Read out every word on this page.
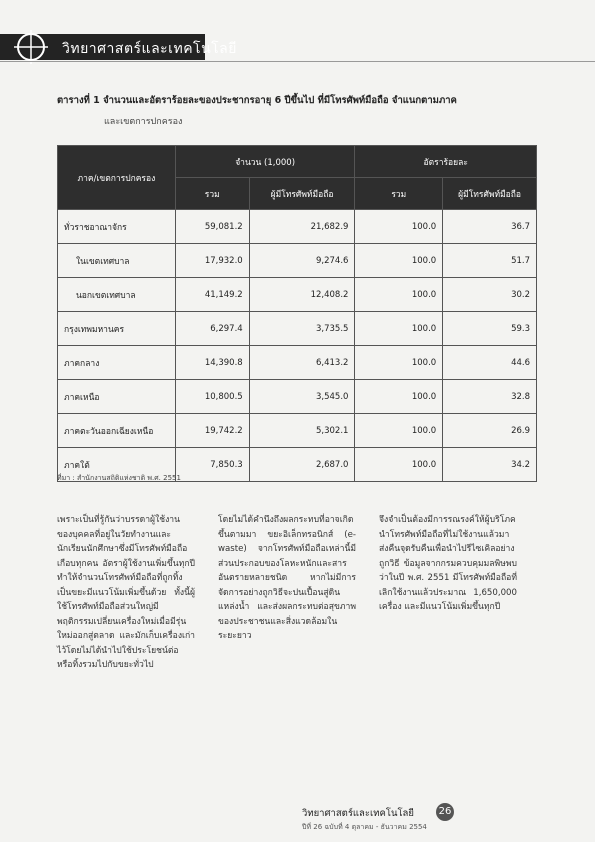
วิทยาศาสตร์และเทคโนโลยี
ตารางที่ 1 จำนวนและอัตราร้อยละของประชากรอายุ 6 ปีขึ้นไป ที่มีโทรศัพท์มือถือ จำแนกตามภาค
และเขตการปกครอง
ภาค/เขตการปกครอง	จำนวน (1,000)		อัตราร้อยละ	
	รวม	ผู้มีโทรศัพท์มือถือ	รวม	ผู้มีโทรศัพท์มือถือ
ทั่วราชอาณาจักร	59,081.2	21,682.9	100.0	36.7
ในเขตเทศบาล	17,932.0	9,274.6	100.0	51.7
นอกเขตเทศบาล	41,149.2	12,408.2	100.0	30.2
กรุงเทพมหานคร	6,297.4	3,735.5	100.0	59.3
ภาคกลาง	14,390.8	6,413.2	100.0	44.6
ภาคเหนือ	10,800.5	3,545.0	100.0	32.8
ภาคตะวันออกเฉียงเหนือ	19,742.2	5,302.1	100.0	26.9
ภาคใต้	7,850.3	2,687.0	100.0	34.2
ที่มา : สำนักงานสถิติแห่งชาติ พ.ศ. 2551

เพราะเป็นที่รู้กันว่าบรรดาผู้ใช้งานของบุคคลที่อยู่ในวัยทำงานและนักเรียนนักศึกษาซึ่งมีโทรศัพท์มือถือเกือบทุกคน อัตราผู้ใช้งานเพิ่มขึ้นทุกปีทำให้จำนวนโทรศัพท์มือถือที่ถูกทิ้งเป็นขยะมีแนวโน้มเพิ่มขึ้นด้วย ทั้งนี้ผู้ใช้โทรศัพท์มือถือส่วนใหญ่มีพฤติกรรมเปลี่ยนเครื่องใหม่เมื่อมีรุ่นใหม่ออกสู่ตลาด และมักเก็บเครื่องเก่าไว้โดยไม่ได้นำไปใช้ประโยชน์ต่อ หรือทิ้งรวมไปกับขยะทั่วไป

โดยไม่ได้คำนึงถึงผลกระทบที่อาจเกิดขึ้นตามมา ขยะอิเล็กทรอนิกส์ (e-waste) จากโทรศัพท์มือถือเหล่านี้มีส่วนประกอบของโลหะหนักและสารอันตรายหลายชนิด หากไม่มีการจัดการอย่างถูกวิธีจะปนเปื้อนสู่ดิน แหล่งน้ำ และส่งผลกระทบต่อสุขภาพของประชาชนและสิ่งแวดล้อมในระยะยาว

จึงจำเป็นต้องมีการรณรงค์ให้ผู้บริโภคนำโทรศัพท์มือถือที่ไม่ใช้งานแล้วมาส่งคืนจุดรับคืนเพื่อนำไปรีไซเคิลอย่างถูกวิธี ข้อมูลจากกรมควบคุมมลพิษพบว่าในปี พ.ศ. 2551 มีโทรศัพท์มือถือที่เลิกใช้งานแล้วประมาณ 1,650,000 เครื่อง และมีแนวโน้มเพิ่มขึ้นทุกปี

วิทยาศาสตร์และเทคโนโลยี 26
ปีที่ 26 ฉบับที่ 4 ตุลาคม - ธันวาคม 2554
